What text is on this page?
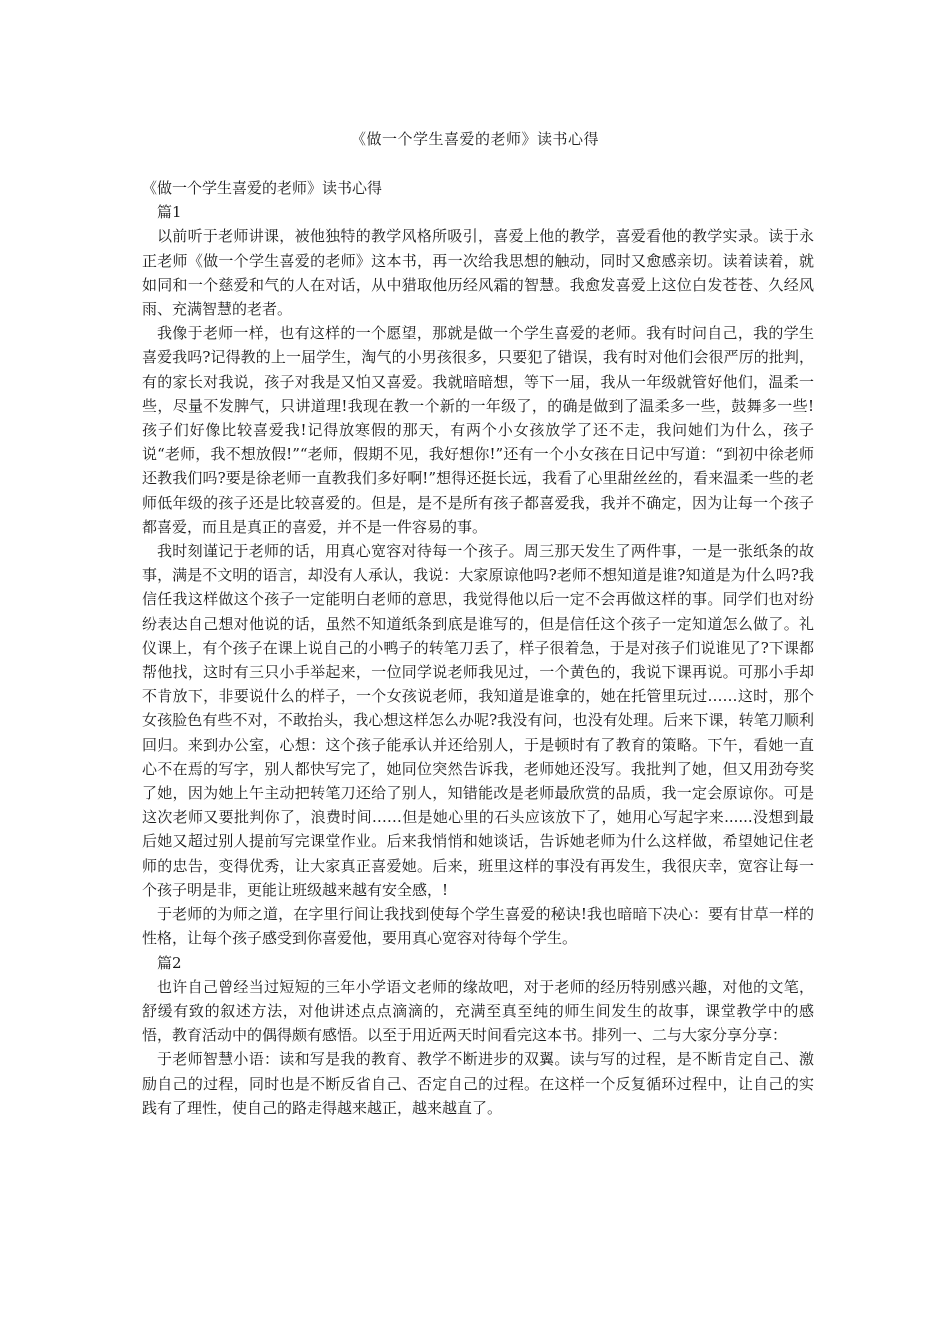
《做一个学生喜爱的老师》读书心得

《做一个学生喜爱的老师》读书心得

篇1

以前听于老师讲课，被他独特的教学风格所吸引，喜爱上他的教学，喜爱看他的教学实录。读于永正老师《做一个学生喜爱的老师》这本书，再一次给我思想的触动，同时又愈感亲切。读着读着，就如同和一个慈爱和气的人在对话，从中猎取他历经风霜的智慧。我愈发喜爱上这位白发苍苍、久经风雨、充满智慧的老者。

我像于老师一样，也有这样的一个愿望，那就是做一个学生喜爱的老师。我有时问自己，我的学生喜爱我吗?记得教的上一届学生，淘气的小男孩很多，只要犯了错误，我有时对他们会很严厉的批判，有的家长对我说，孩子对我是又怕又喜爱。我就暗暗想，等下一届，我从一年级就管好他们，温柔一些，尽量不发脾气，只讲道理!我现在教一个新的一年级了，的确是做到了温柔多一些，鼓舞多一些!孩子们好像比较喜爱我!记得放寒假的那天，有两个小女孩放学了还不走，我问她们为什么，孩子说“老师，我不想放假!”“老师，假期不见，我好想你!”还有一个小女孩在日记中写道：“到初中徐老师还教我们吗?要是徐老师一直教我们多好啊!”想得还挺长远，我看了心里甜丝丝的，看来温柔一些的老师低年级的孩子还是比较喜爱的。但是，是不是所有孩子都喜爱我，我并不确定，因为让每一个孩子都喜爱，而且是真正的喜爱，并不是一件容易的事。

我时刻谨记于老师的话，用真心宽容对待每一个孩子。周三那天发生了两件事，一是一张纸条的故事，满是不文明的语言，却没有人承认，我说：大家原谅他吗?老师不想知道是谁?知道是为什么吗?我信任我这样做这个孩子一定能明白老师的意思，我觉得他以后一定不会再做这样的事。同学们也对纷纷表达自己想对他说的话，虽然不知道纸条到底是谁写的，但是信任这个孩子一定知道怎么做了。礼仪课上，有个孩子在课上说自己的小鸭子的转笔刀丢了，样子很着急，于是对孩子们说谁见了?下课都帮他找，这时有三只小手举起来，一位同学说老师我见过，一个黄色的，我说下课再说。可那小手却不肯放下，非要说什么的样子，一个女孩说老师，我知道是谁拿的，她在托管里玩过……这时，那个女孩脸色有些不对，不敢抬头，我心想这样怎么办呢?我没有问，也没有处理。后来下课，转笔刀顺利回归。来到办公室，心想：这个孩子能承认并还给别人，于是顿时有了教育的策略。下午，看她一直心不在焉的写字，别人都快写完了，她同位突然告诉我，老师她还没写。我批判了她，但又用劲夸奖了她，因为她上午主动把转笔刀还给了别人，知错能改是老师最欣赏的品质，我一定会原谅你。可是这次老师又要批判你了，浪费时间……但是她心里的石头应该放下了，她用心写起字来......没想到最后她又超过别人提前写完课堂作业。后来我悄悄和她谈话，告诉她老师为什么这样做，希望她记住老师的忠告，变得优秀，让大家真正喜爱她。后来，班里这样的事没有再发生，我很庆幸，宽容让每一个孩子明是非，更能让班级越来越有安全感，!

于老师的为师之道，在字里行间让我找到使每个学生喜爱的秘诀!我也暗暗下决心：要有甘草一样的性格，让每个孩子感受到你喜爱他，要用真心宽容对待每个学生。

篇2

也许自己曾经当过短短的三年小学语文老师的缘故吧，对于老师的经历特别感兴趣，对他的文笔，舒缓有致的叙述方法，对他讲述点点滴滴的，充满至真至纯的师生间发生的故事，课堂教学中的感悟，教育活动中的偶得颇有感悟。以至于用近两天时间看完这本书。排列一、二与大家分享分享：

于老师智慧小语：读和写是我的教育、教学不断进步的双翼。读与写的过程，是不断肯定自己、激励自己的过程，同时也是不断反省自己、否定自己的过程。在这样一个反复循环过程中，让自己的实践有了理性，使自己的路走得越来越正，越来越直了。
